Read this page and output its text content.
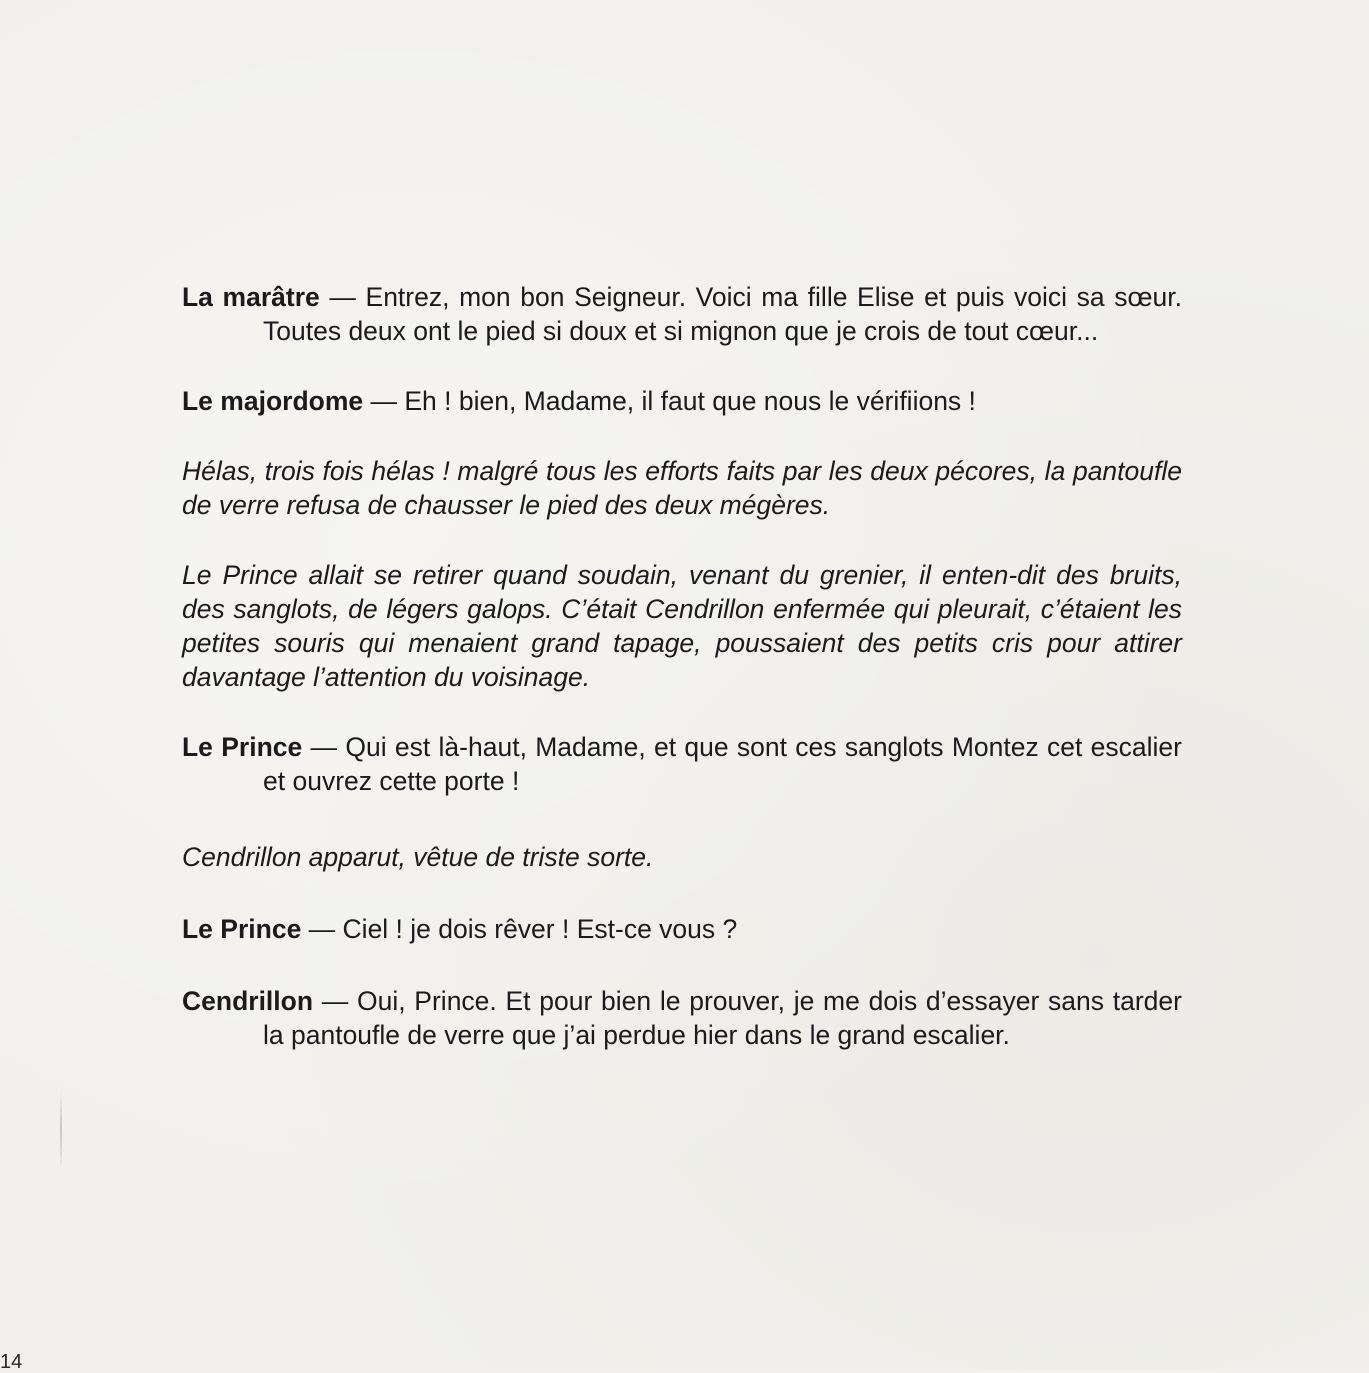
La marâtre — Entrez, mon bon Seigneur. Voici ma fille Elise et puis voici sa sœur. Toutes deux ont le pied si doux et si mignon que je crois de tout cœur...

Le majordome — Eh ! bien, Madame, il faut que nous le vérifiions !

Hélas, trois fois hélas ! malgré tous les efforts faits par les deux pécores, la pantoufle de verre refusa de chausser le pied des deux mégères.

Le Prince allait se retirer quand soudain, venant du grenier, il enten-dit des bruits, des sanglots, de légers galops. C’était Cendrillon enfermée qui pleurait, c’étaient les petites souris qui menaient grand tapage, poussaient des petits cris pour attirer davantage l’attention du voisinage.

Le Prince — Qui est là-haut, Madame, et que sont ces sanglots Montez cet escalier et ouvrez cette porte !

Cendrillon apparut, vêtue de triste sorte.

Le Prince — Ciel ! je dois rêver ! Est-ce vous ?

Cendrillon — Oui, Prince. Et pour bien le prouver, je me dois d’essayer sans tarder la pantoufle de verre que j’ai perdue hier dans le grand escalier.

14
